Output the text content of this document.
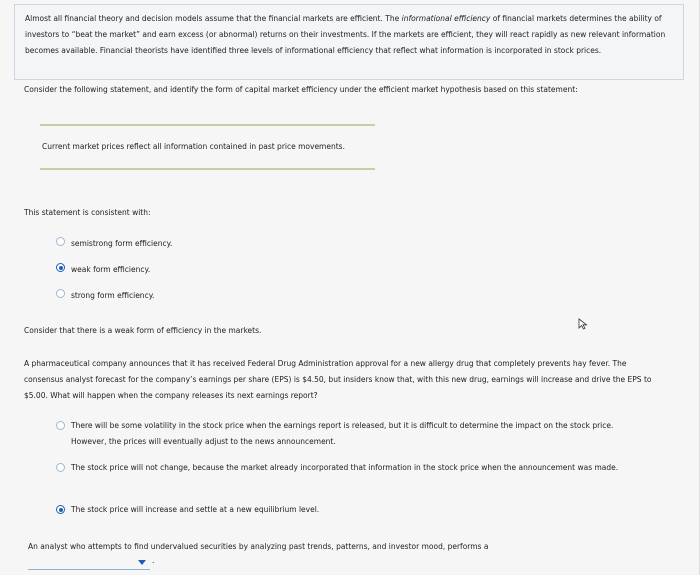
Almost all financial theory and decision models assume that the financial markets are efficient. The informational efficiency of financial markets determines the ability of investors to “beat the market” and earn excess (or abnormal) returns on their investments. If the markets are efficient, they will react rapidly as new relevant information becomes available. Financial theorists have identified three levels of informational efficiency that reflect what information is incorporated in stock prices.

Consider the following statement, and identify the form of capital market efficiency under the efficient market hypothesis based on this statement:

Current market prices reflect all information contained in past price movements.
This statement is consistent with:
semistrong form efficiency.
weak form efficiency.
strong form efficiency.
Consider that there is a weak form of efficiency in the markets.
A pharmaceutical company announces that it has received Federal Drug Administration approval for a new allergy drug that completely prevents hay fever. The consensus analyst forecast for the company’s earnings per share (EPS) is $4.50, but insiders know that, with this new drug, earnings will increase and drive the EPS to $5.00. What will happen when the company releases its next earnings report?
There will be some volatility in the stock price when the earnings report is released, but it is difficult to determine the impact on the stock price. However, the prices will eventually adjust to the news announcement.
The stock price will not change, because the market already incorporated that information in the stock price when the announcement was made.
The stock price will increase and settle at a new equilibrium level.
An analyst who attempts to find undervalued securities by analyzing past trends, patterns, and investor mood, performs a
.
